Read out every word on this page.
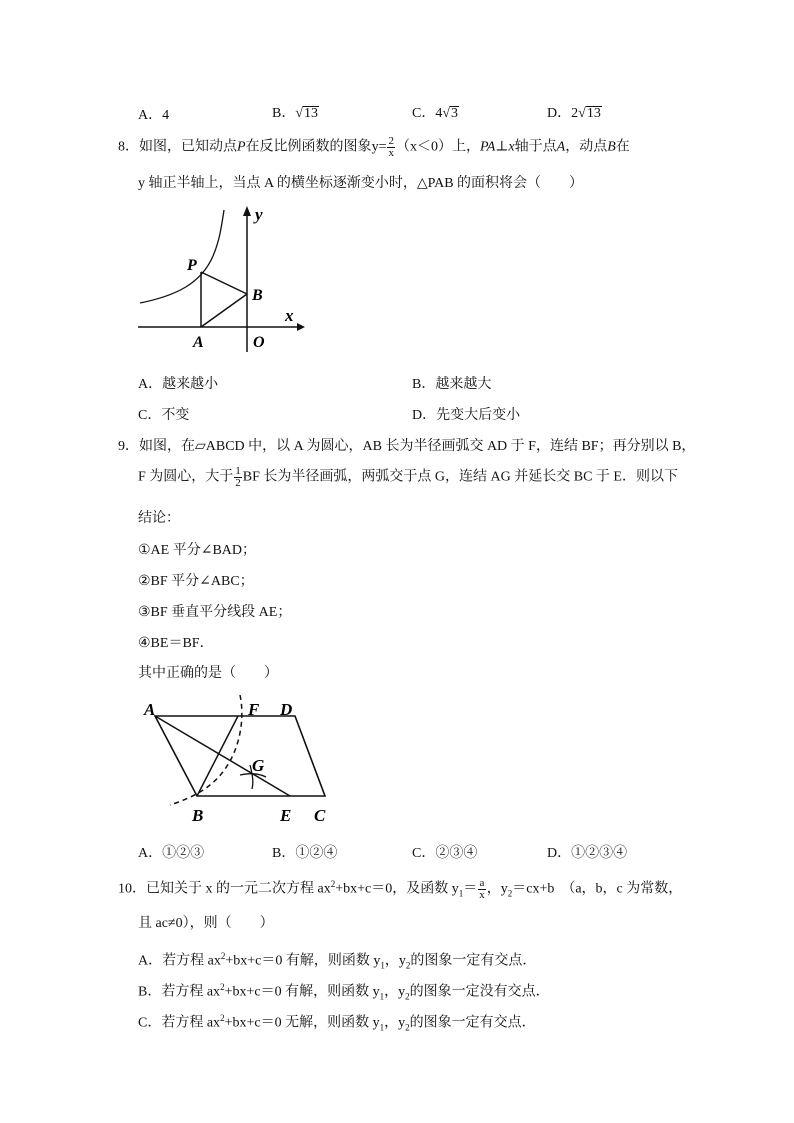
A．4	B．√13	C．4√3	D．2√13
8．如图，已知动点P在反比例函数的图象$y= \frac{2}{x} (x<0)$上，PA⊥x轴于点A，动点B在
y 轴正半轴上，当点 A 的横坐标逐渐变小时，△PAB 的面积将会（　　）
y
x
P
B
A	O
A．越来越小	B．越来越大
C．不变	D．先变大后变小
9．如图，在▱ABCD 中，以 A 为圆心，AB 长为半径画弧交 AD 于 F，连结 BF；再分别以 B，
F 为圆心，大于 $\frac{1}{2}$ BF 长为半径画弧，两弧交于点 G，连结 AG 并延长交 BC 于 E．则以下
结论：
①AE 平分∠BAD；
②BF 平分∠ABC；
③BF 垂直平分线段 AE；
④BE＝BF．
其中正确的是（　　）
A	F D
G
B	E C
A．①②③	B．①②④	C．②③④	D．①②③④
10．已知关于 x 的一元二次方程 $ax^2+bx+c=0$，及函数 $y_1= \frac{a}{x}$ ，$y_2=cx+b$　（a，b，c 为常数，
且 ac≠0），则（　　）
A．若方程 $ax^2+bx+c=0$ 有解，则函数 $y_1$，$y_2$的图象一定有交点．
B．若方程 $ax^2+bx+c=0$ 有解，则函数 $y_1$，$y_2$的图象一定没有交点．
C．若方程 $ax^2+bx+c=0$ 无解，则函数 $y_1$，$y_2$的图象一定有交点．
